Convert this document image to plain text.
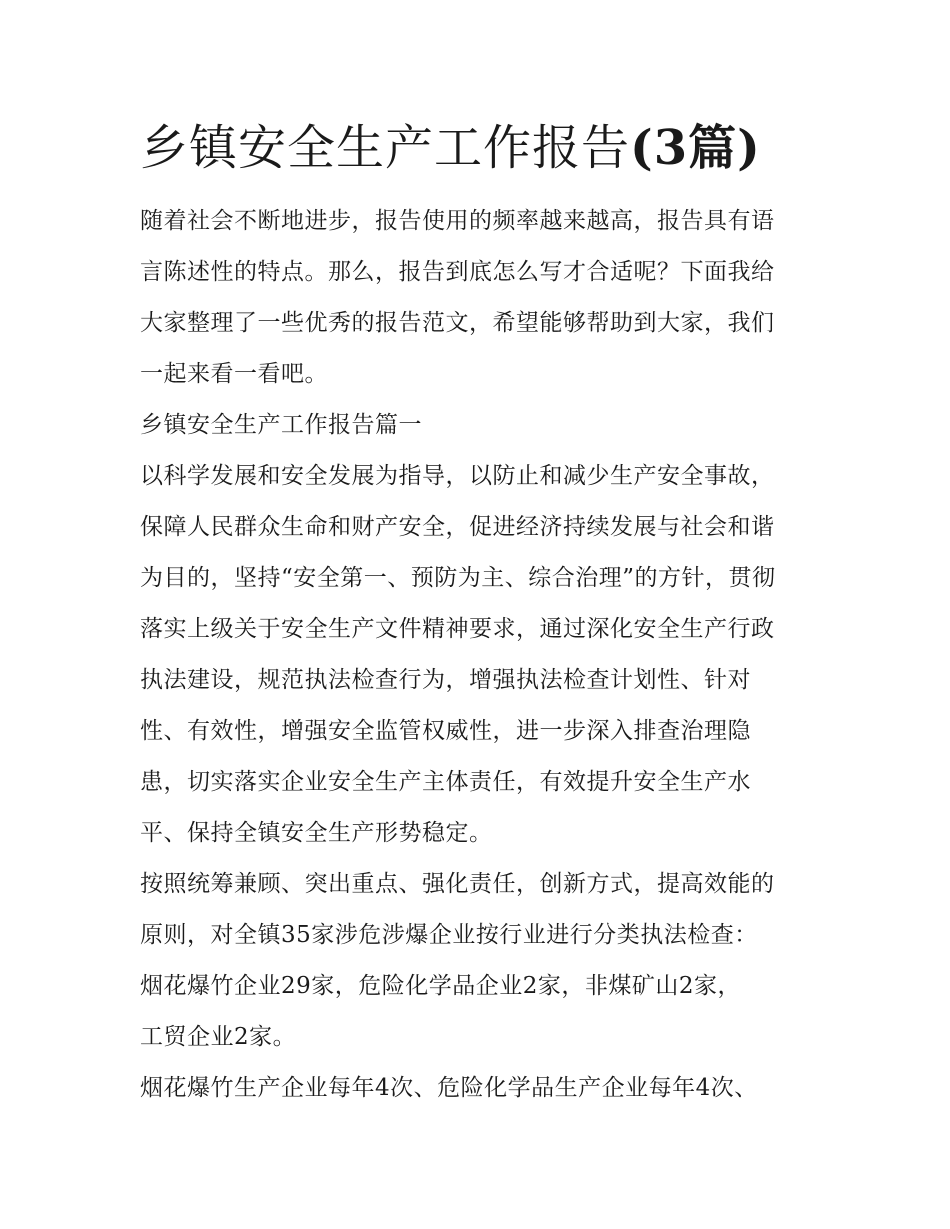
乡镇安全生产工作报告(3篇)

随着社会不断地进步，报告使用的频率越来越高，报告具有语
言陈述性的特点。那么，报告到底怎么写才合适呢？下面我给
大家整理了一些优秀的报告范文，希望能够帮助到大家，我们
一起来看一看吧。

乡镇安全生产工作报告篇一

以科学发展和安全发展为指导，以防止和减少生产安全事故，
保障人民群众生命和财产安全，促进经济持续发展与社会和谐
为目的，坚持“安全第一、预防为主、综合治理”的方针，贯彻
落实上级关于安全生产文件精神要求，通过深化安全生产行政
执法建设，规范执法检查行为，增强执法检查计划性、针对
性、有效性，增强安全监管权威性，进一步深入排查治理隐
患，切实落实企业安全生产主体责任，有效提升安全生产水
平、保持全镇安全生产形势稳定。

按照统筹兼顾、突出重点、强化责任，创新方式，提高效能的
原则，对全镇35家涉危涉爆企业按行业进行分类执法检查：
烟花爆竹企业29家，危险化学品企业2家，非煤矿山2家，
工贸企业2家。

烟花爆竹生产企业每年4次、危险化学品生产企业每年4次、
